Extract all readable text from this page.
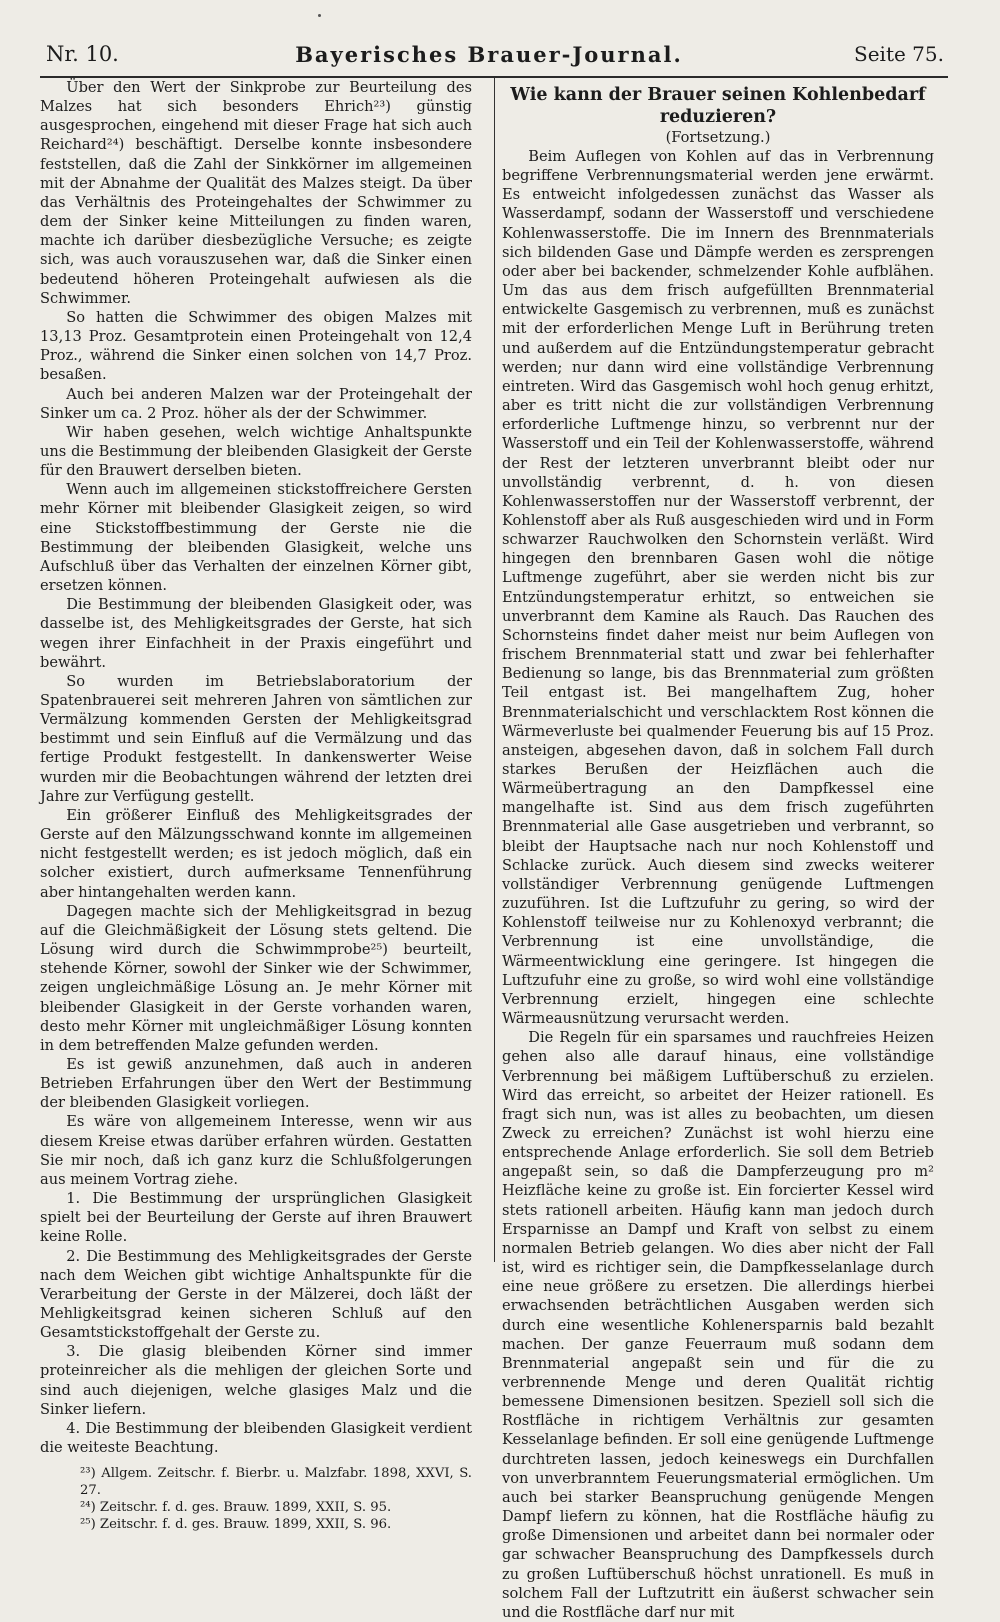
Nr. 10.	Bayerisches Brauer-Journal.	Seite 75.

Über den Wert der Sinkprobe zur Beurteilung des Malzes hat sich besonders Ehrich²³) günstig ausgesprochen, eingehend mit dieser Frage hat sich auch Reichard²⁴) beschäftigt. Derselbe konnte insbesondere feststellen, daß die Zahl der Sinkkörner im allgemeinen mit der Abnahme der Qualität des Malzes steigt. Da über das Verhältnis des Proteingehaltes der Schwimmer zu dem der Sinker keine Mitteilungen zu finden waren, machte ich darüber diesbezügliche Versuche; es zeigte sich, was auch vorauszusehen war, daß die Sinker einen bedeutend höheren Proteingehalt aufwiesen als die Schwimmer.

So hatten die Schwimmer des obigen Malzes mit 13,13 Proz. Gesamtprotein einen Proteingehalt von 12,4 Proz., während die Sinker einen solchen von 14,7 Proz. besaßen.

Auch bei anderen Malzen war der Proteingehalt der Sinker um ca. 2 Proz. höher als der der Schwimmer.

Wir haben gesehen, welch wichtige Anhaltspunkte uns die Bestimmung der bleibenden Glasigkeit der Gerste für den Brauwert derselben bieten.

Wenn auch im allgemeinen stickstoffreichere Gersten mehr Körner mit bleibender Glasigkeit zeigen, so wird eine Stickstoffbestimmung der Gerste nie die Bestimmung der bleibenden Glasigkeit, welche uns Aufschluß über das Verhalten der einzelnen Körner gibt, ersetzen können.

Die Bestimmung der bleibenden Glasigkeit oder, was dasselbe ist, des Mehligkeitsgrades der Gerste, hat sich wegen ihrer Einfachheit in der Praxis eingeführt und bewährt.

So wurden im Betriebslaboratorium der Spatenbrauerei seit mehreren Jahren von sämtlichen zur Vermälzung kommenden Gersten der Mehligkeitsgrad bestimmt und sein Einfluß auf die Vermälzung und das fertige Produkt festgestellt. In dankenswerter Weise wurden mir die Beobachtungen während der letzten drei Jahre zur Verfügung gestellt.

Ein größerer Einfluß des Mehligkeitsgrades der Gerste auf den Mälzungsschwand konnte im allgemeinen nicht festgestellt werden; es ist jedoch möglich, daß ein solcher existiert, durch aufmerksame Tennenführung aber hintangehalten werden kann.

Dagegen machte sich der Mehligkeitsgrad in bezug auf die Gleichmäßigkeit der Lösung stets geltend. Die Lösung wird durch die Schwimmprobe²⁵) beurteilt, stehende Körner, sowohl der Sinker wie der Schwimmer, zeigen ungleichmäßige Lösung an. Je mehr Körner mit bleibender Glasigkeit in der Gerste vorhanden waren, desto mehr Körner mit ungleichmäßiger Lösung konnten in dem betreffenden Malze gefunden werden.

Es ist gewiß anzunehmen, daß auch in anderen Betrieben Erfahrungen über den Wert der Bestimmung der bleibenden Glasigkeit vorliegen.

Es wäre von allgemeinem Interesse, wenn wir aus diesem Kreise etwas darüber erfahren würden. Gestatten Sie mir noch, daß ich ganz kurz die Schlußfolgerungen aus meinem Vortrag ziehe.

1. Die Bestimmung der ursprünglichen Glasigkeit spielt bei der Beurteilung der Gerste auf ihren Brauwert keine Rolle.

2. Die Bestimmung des Mehligkeitsgrades der Gerste nach dem Weichen gibt wichtige Anhaltspunkte für die Verarbeitung der Gerste in der Mälzerei, doch läßt der Mehligkeitsgrad keinen sicheren Schluß auf den Gesamtstickstoffgehalt der Gerste zu.

3. Die glasig bleibenden Körner sind immer proteinreicher als die mehligen der gleichen Sorte und sind auch diejenigen, welche glasiges Malz und die Sinker liefern.

4. Die Bestimmung der bleibenden Glasigkeit verdient die weiteste Beachtung.

²³) Allgem. Zeitschr. f. Bierbr. u. Malzfabr. 1898, XXVI, S. 27.

²⁴) Zeitschr. f. d. ges. Brauw. 1899, XXII, S. 95.

²⁵) Zeitschr. f. d. ges. Brauw. 1899, XXII, S. 96.

Wie kann der Brauer seinen Kohlenbedarf reduzieren?

(Fortsetzung.)

Beim Auflegen von Kohlen auf das in Verbrennung begriffene Verbrennungsmaterial werden jene erwärmt. Es entweicht infolgedessen zunächst das Wasser als Wasserdampf, sodann der Wasserstoff und verschiedene Kohlenwasserstoffe. Die im Innern des Brennmaterials sich bildenden Gase und Dämpfe werden es zersprengen oder aber bei backender, schmelzender Kohle aufblähen. Um das aus dem frisch aufgefüllten Brennmaterial entwickelte Gasgemisch zu verbrennen, muß es zunächst mit der erforderlichen Menge Luft in Berührung treten und außerdem auf die Entzündungstemperatur gebracht werden; nur dann wird eine vollständige Verbrennung eintreten. Wird das Gasgemisch wohl hoch genug erhitzt, aber es tritt nicht die zur vollständigen Verbrennung erforderliche Luftmenge hinzu, so verbrennt nur der Wasserstoff und ein Teil der Kohlenwasserstoffe, während der Rest der letzteren unverbrannt bleibt oder nur unvollständig verbrennt, d. h. von diesen Kohlenwasserstoffen nur der Wasserstoff verbrennt, der Kohlenstoff aber als Ruß ausgeschieden wird und in Form schwarzer Rauchwolken den Schornstein verläßt. Wird hingegen den brennbaren Gasen wohl die nötige Luftmenge zugeführt, aber sie werden nicht bis zur Entzündungstemperatur erhitzt, so entweichen sie unverbrannt dem Kamine als Rauch. Das Rauchen des Schornsteins findet daher meist nur beim Auflegen von frischem Brennmaterial statt und zwar bei fehlerhafter Bedienung so lange, bis das Brennmaterial zum größten Teil entgast ist. Bei mangelhaftem Zug, hoher Brennmaterialschicht und verschlacktem Rost können die Wärmeverluste bei qualmender Feuerung bis auf 15 Proz. ansteigen, abgesehen davon, daß in solchem Fall durch starkes Berußen der Heizflächen auch die Wärmeübertragung an den Dampfkessel eine mangelhafte ist. Sind aus dem frisch zugeführten Brennmaterial alle Gase ausgetrieben und verbrannt, so bleibt der Hauptsache nach nur noch Kohlenstoff und Schlacke zurück. Auch diesem sind zwecks weiterer vollständiger Verbrennung genügende Luftmengen zuzuführen. Ist die Luftzufuhr zu gering, so wird der Kohlenstoff teilweise nur zu Kohlenoxyd verbrannt; die Verbrennung ist eine unvollständige, die Wärmeentwicklung eine geringere. Ist hingegen die Luftzufuhr eine zu große, so wird wohl eine vollständige Verbrennung erzielt, hingegen eine schlechte Wärmeausnützung verursacht werden.

Die Regeln für ein sparsames und rauchfreies Heizen gehen also alle darauf hinaus, eine vollständige Verbrennung bei mäßigem Luftüberschuß zu erzielen. Wird das erreicht, so arbeitet der Heizer rationell. Es fragt sich nun, was ist alles zu beobachten, um diesen Zweck zu erreichen? Zunächst ist wohl hierzu eine entsprechende Anlage erforderlich. Sie soll dem Betrieb angepaßt sein, so daß die Dampferzeugung pro m² Heizfläche keine zu große ist. Ein forcierter Kessel wird stets rationell arbeiten. Häufig kann man jedoch durch Ersparnisse an Dampf und Kraft von selbst zu einem normalen Betrieb gelangen. Wo dies aber nicht der Fall ist, wird es richtiger sein, die Dampfkesselanlage durch eine neue größere zu ersetzen. Die allerdings hierbei erwachsenden beträchtlichen Ausgaben werden sich durch eine wesentliche Kohlenersparnis bald bezahlt machen. Der ganze Feuerraum muß sodann dem Brennmaterial angepaßt sein und für die zu verbrennende Menge und deren Qualität richtig bemessene Dimensionen besitzen. Speziell soll sich die Rostfläche in richtigem Verhältnis zur gesamten Kesselanlage befinden. Er soll eine genügende Luftmenge durchtreten lassen, jedoch keineswegs ein Durchfallen von unverbranntem Feuerungsmaterial ermöglichen. Um auch bei starker Beanspruchung genügende Mengen Dampf liefern zu können, hat die Rostfläche häufig zu große Dimensionen und arbeitet dann bei normaler oder gar schwacher Beanspruchung des Dampfkessels durch zu großen Luftüberschuß höchst unrationell. Es muß in solchem Fall der Luftzutritt ein äußerst schwacher sein und die Rostfläche darf nur mit
